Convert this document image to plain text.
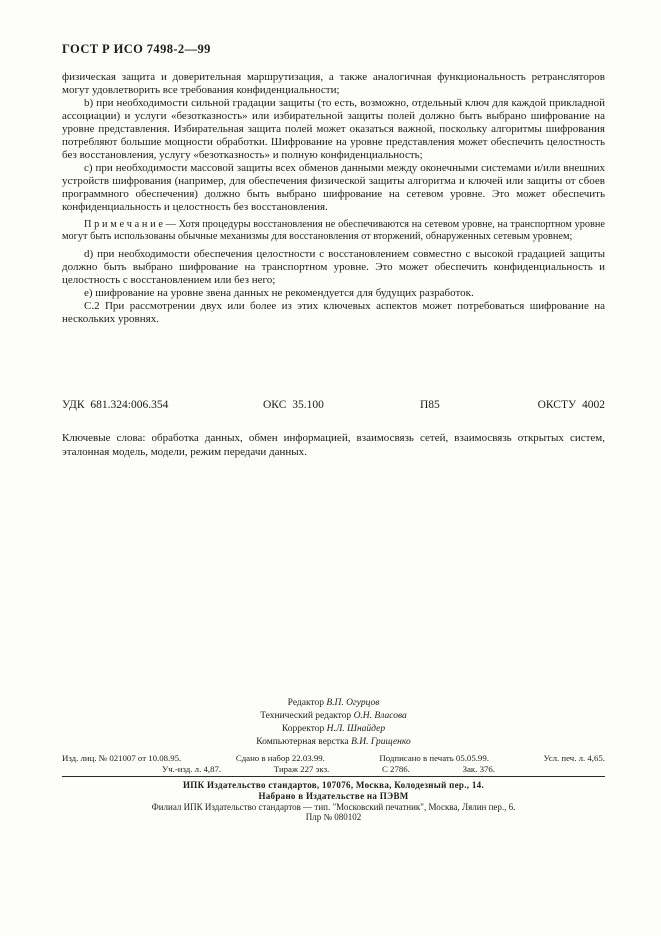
ГОСТ Р ИСО 7498-2—99

физическая защита и доверительная маршрутизация, а также аналогичная функциональность ретрансляторов могут удовлетворить все требования конфиденциальности;

b) при необходимости сильной градации защиты (то есть, возможно, отдельный ключ для каждой прикладной ассоциации) и услуги «безотказность» или избирательной защиты полей должно быть выбрано шифрование на уровне представления. Избирательная защита полей может оказаться важной, поскольку алгоритмы шифрования потребляют большие мощности обработки. Шифрование на уровне представления может обеспечить целостность без восстановления, услугу «безотказность» и полную конфиденциальность;

c) при необходимости массовой защиты всех обменов данными между оконечными системами и/или внешних устройств шифрования (например, для обеспечения физической защиты алгоритма и ключей или защиты от сбоев программного обеспечения) должно быть выбрано шифрование на сетевом уровне. Это может обеспечить конфиденциальность и целостность без восстановления.

П р и м е ч а н и е — Хотя процедуры восстановления не обеспечиваются на сетевом уровне, на транспортном уровне могут быть использованы обычные механизмы для восстановления от вторжений, обнаруженных сетевым уровнем;

d) при необходимости обеспечения целостности с восстановлением совместно с высокой градацией защиты должно быть выбрано шифрование на транспортном уровне. Это может обеспечить конфиденциальность и целостность с восстановлением или без него;

e) шифрование на уровне звена данных не рекомендуется для будущих разработок.

С.2 При рассмотрении двух или более из этих ключевых аспектов может потребоваться шифрование на нескольких уровнях.

УДК 681.324:006.354	ОКС 35.100	П85	ОКСТУ 4002

Ключевые слова: обработка данных, обмен информацией, взаимосвязь сетей, взаимосвязь открытых систем, эталонная модель, модели, режим передачи данных.

Редактор В.П. Огурцов
Технический редактор О.Н. Власова
Корректор Н.Л. Шнайдер
Компьютерная верстка В.И. Грищенко
Изд. лиц. № 021007 от 10.08.95.	Сдано в набор 22.03.99.	Подписано в печать 05.05.99.	Усл. печ. л. 4,65.
Уч.-изд. л. 4,87.	Тираж 227 экз.	С 2786.	Зак. 376.
ИПК Издательство стандартов, 107076, Москва, Колодезный пер., 14.
Набрано в Издательстве на ПЭВМ
Филиал ИПК Издательство стандартов — тип. "Московский печатник", Москва, Лялин пер., 6.
Плр № 080102
